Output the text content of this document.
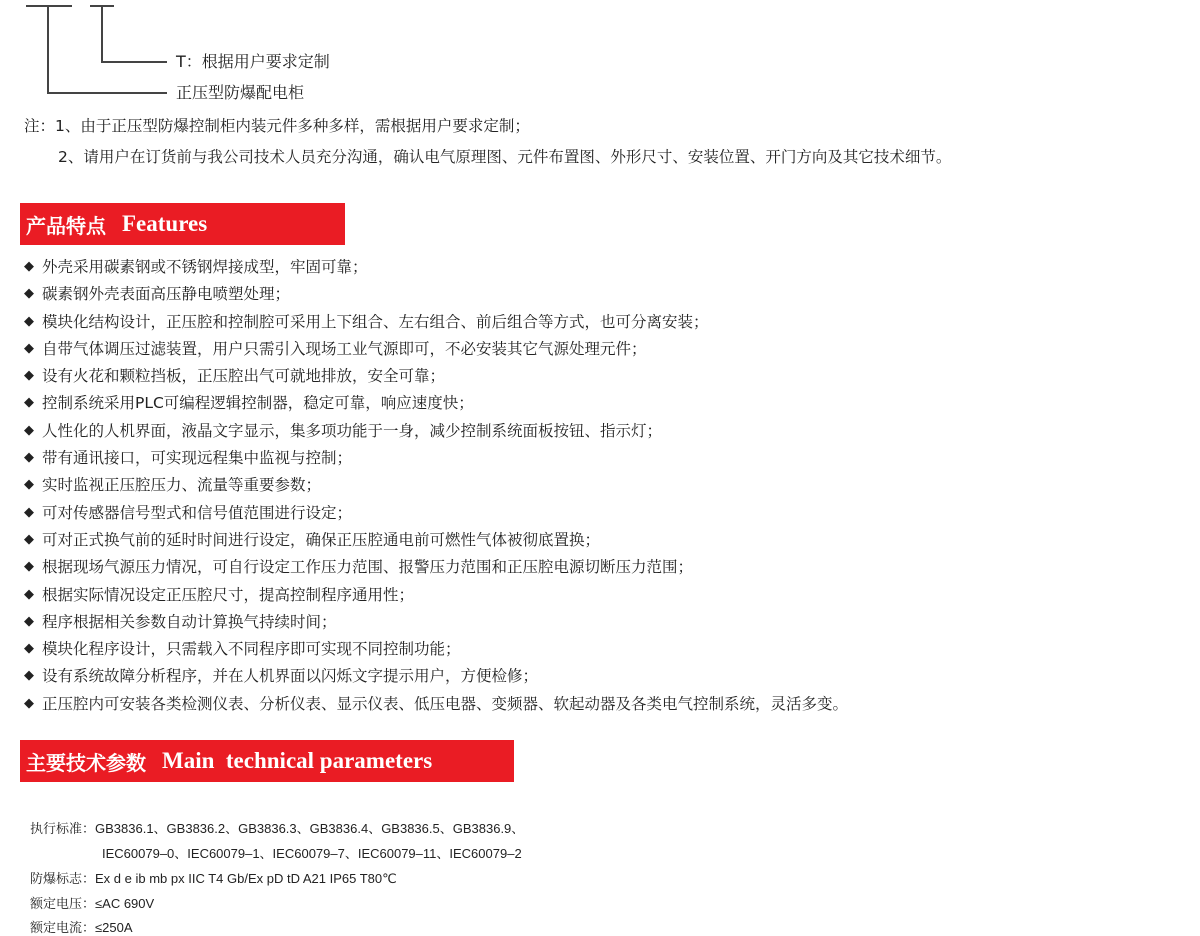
T：根据用户要求定制
正压型防爆配电柜
注：1、由于正压型防爆控制柜内装元件多种多样，需根据用户要求定制；
2、请用户在订货前与我公司技术人员充分沟通，确认电气原理图、元件布置图、外形尺寸、安装位置、开门方向及其它技术细节。
产品特点 Features
◆ 外壳采用碳素钢或不锈钢焊接成型，牢固可靠；
◆ 碳素钢外壳表面高压静电喷塑处理；
◆ 模块化结构设计，正压腔和控制腔可采用上下组合、左右组合、前后组合等方式，也可分离安装；
◆ 自带气体调压过滤装置，用户只需引入现场工业气源即可，不必安装其它气源处理元件；
◆ 设有火花和颗粒挡板，正压腔出气可就地排放，安全可靠；
◆ 控制系统采用PLC可编程逻辑控制器，稳定可靠，响应速度快；
◆ 人性化的人机界面，液晶文字显示，集多项功能于一身，减少控制系统面板按钮、指示灯；
◆ 带有通讯接口，可实现远程集中监视与控制；
◆ 实时监视正压腔压力、流量等重要参数；
◆ 可对传感器信号型式和信号值范围进行设定；
◆ 可对正式换气前的延时时间进行设定，确保正压腔通电前可燃性气体被彻底置换；
◆ 根据现场气源压力情况，可自行设定工作压力范围、报警压力范围和正压腔电源切断压力范围；
◆ 根据实际情况设定正压腔尺寸，提高控制程序通用性；
◆ 程序根据相关参数自动计算换气持续时间；
◆ 模块化程序设计，只需载入不同程序即可实现不同控制功能；
◆ 设有系统故障分析程序，并在人机界面以闪烁文字提示用户，方便检修；
◆ 正压腔内可安装各类检测仪表、分析仪表、显示仪表、低压电器、变频器、软起动器及各类电气控制系统，灵活多变。
主要技术参数 Main  technical parameters
执行标准：GB3836.1、GB3836.2、GB3836.3、GB3836.4、GB3836.5、GB3836.9、
IEC60079–0、IEC60079–1、IEC60079–7、IEC60079–11、IEC60079–2
防爆标志：Ex d e ib mb px IIC T4 Gb/Ex pD tD A21 IP65 T80℃
额定电压：≤AC 690V
额定电流：≤250A
